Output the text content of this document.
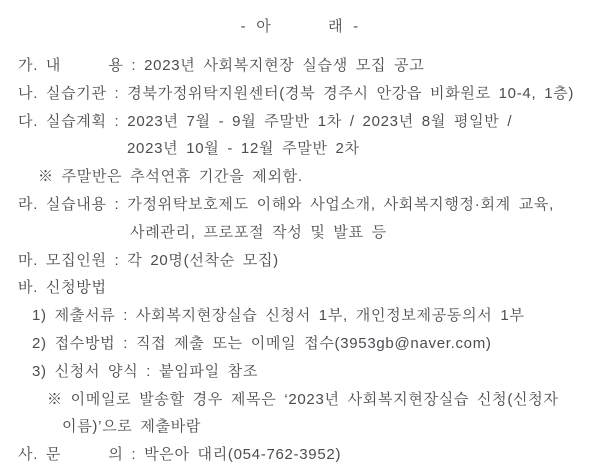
- 아      래 -
가. 내      용 : 2023년 사회복지현장 실습생 모집 공고
나. 실습기관 : 경북가정위탁지원센터(경북 경주시 안강읍 비화원로 10-4, 1층)
다. 실습계획 : 2023년 7월 - 9월 주말반 1차 / 2023년 8월 평일반 /
2023년 10월 - 12월 주말반 2차
※ 주말반은 추석연휴 기간을 제외함.
라. 실습내용 : 가정위탁보호제도 이해와 사업소개, 사회복지행정·회계 교육,
사례관리, 프로포절 작성 및 발표 등
마. 모집인원 : 각 20명(선착순 모집)
바. 신청방법
1) 제출서류 : 사회복지현장실습 신청서 1부, 개인정보제공동의서 1부
2) 접수방법 : 직접 제출 또는 이메일 접수(3953gb@naver.com)
3) 신청서 양식 : 붙임파일 참조
※ 이메일로 발송할 경우 제목은 ‘2023년 사회복지현장실습 신청(신청자
이름)’으로 제출바람
사. 문      의 : 박은아 대리(054-762-3952)
